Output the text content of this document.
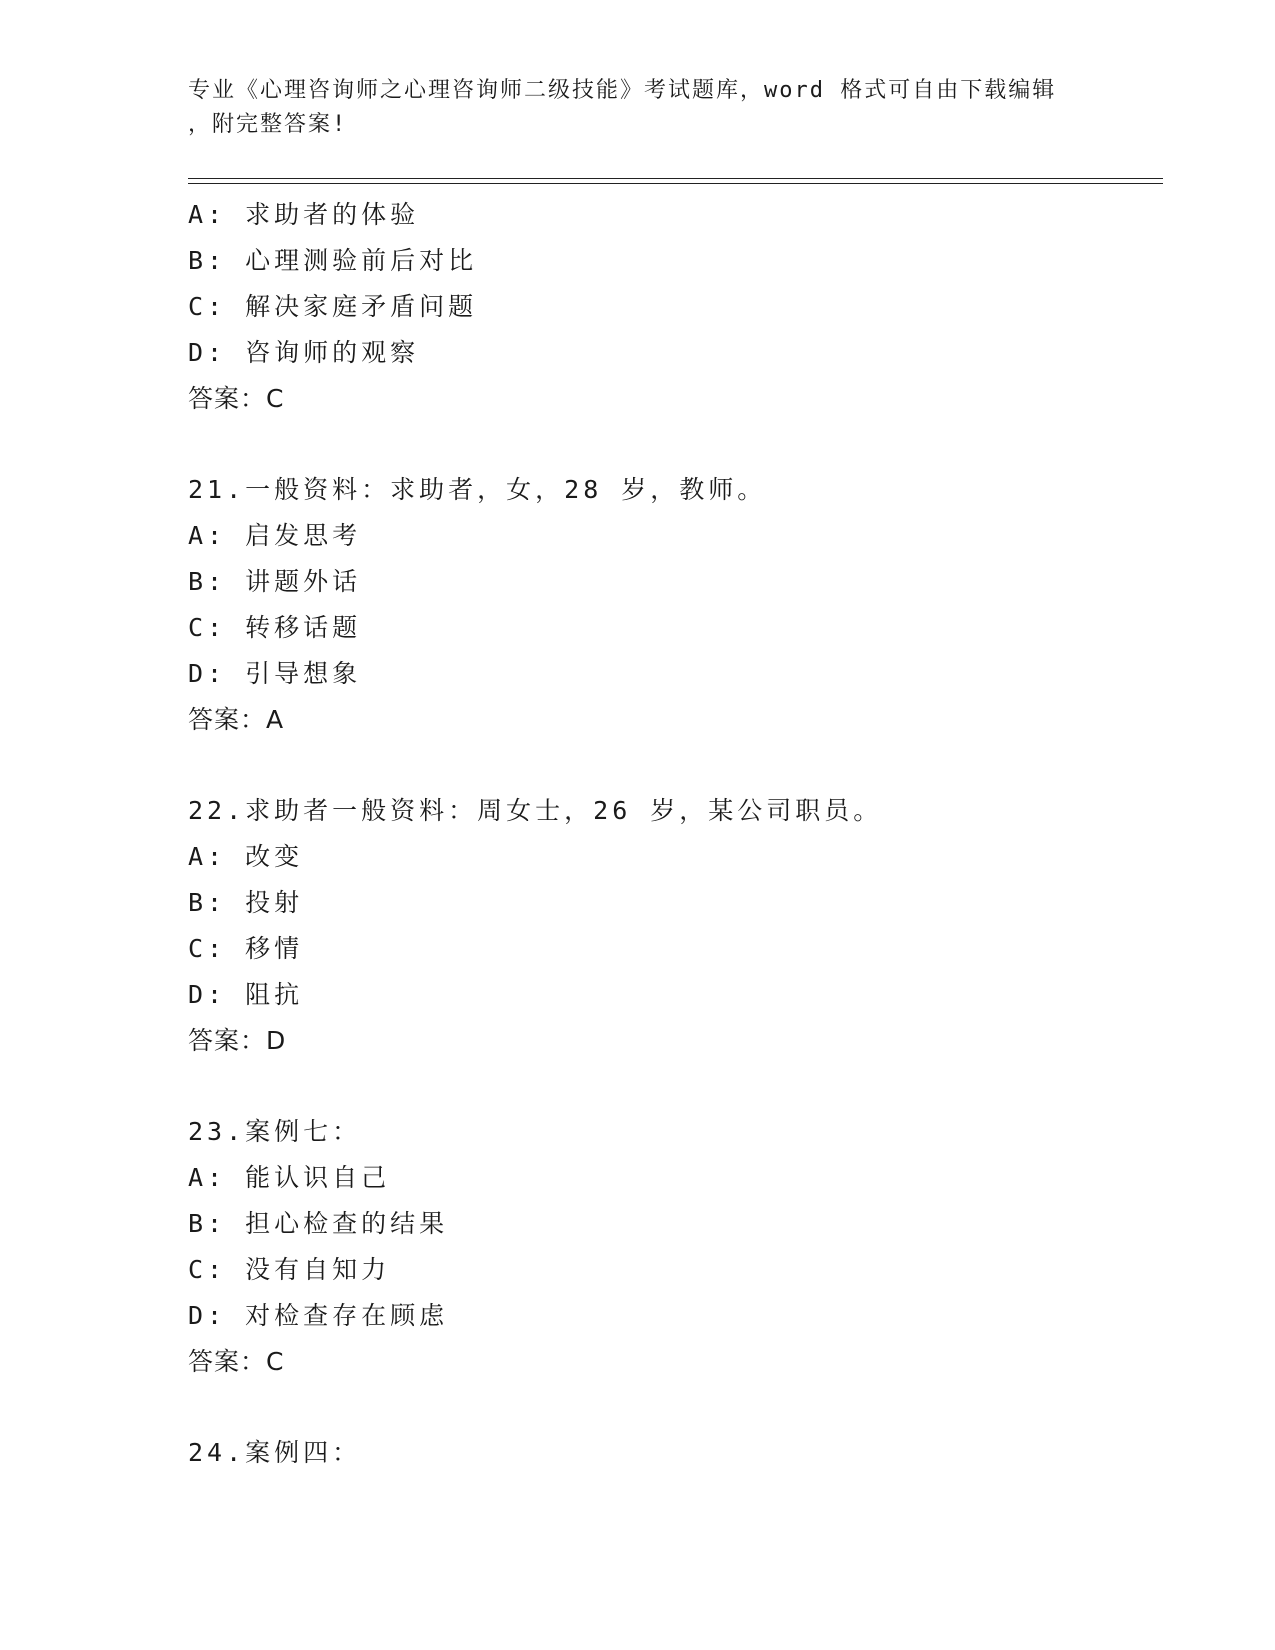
专业《心理咨询师之心理咨询师二级技能》考试题库，word 格式可自由下载编辑
，附完整答案!
A: 求助者的体验
B: 心理测验前后对比
C: 解决家庭矛盾问题
D: 咨询师的观察
答案：C
21.一般资料：求助者，女，28 岁，教师。
A: 启发思考
B: 讲题外话
C: 转移话题
D: 引导想象
答案：A
22.求助者一般资料：周女士，26 岁，某公司职员。
A: 改变
B: 投射
C: 移情
D: 阻抗
答案：D
23.案例七：
A: 能认识自己
B: 担心检查的结果
C: 没有自知力
D: 对检查存在顾虑
答案：C
24.案例四：
